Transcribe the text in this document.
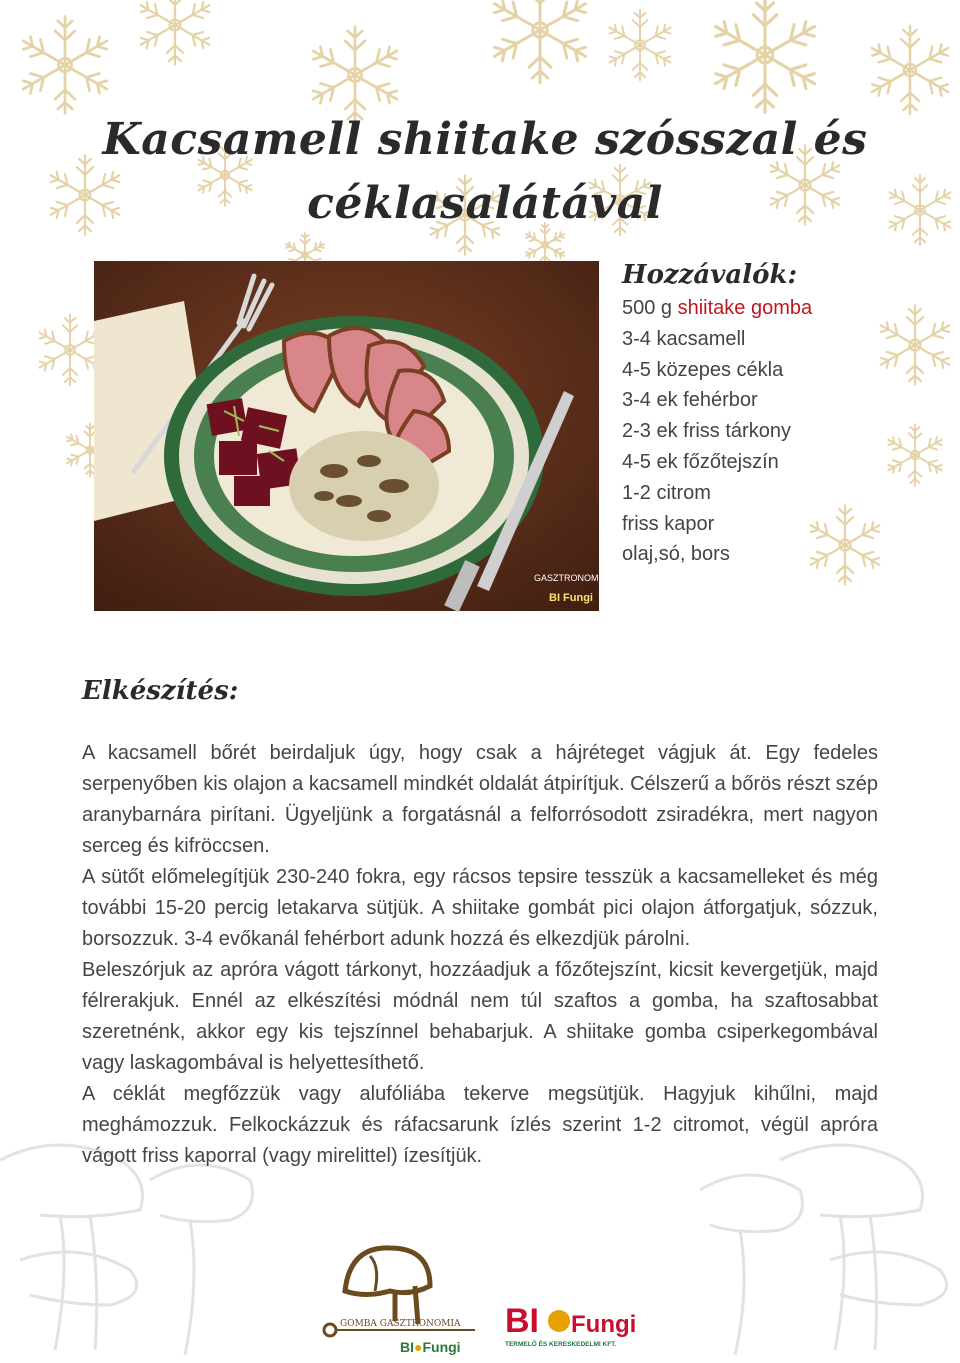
Kacsamell shiitake szósszal és
céklasalátával
GASZTRONOMIA
BI Fungi
Hozzávalók:
500 g shiitake gomba
3-4 kacsamell
4-5 közepes cékla
3-4 ek fehérbor
2-3 ek friss tárkony
4-5 ek főzőtejszín
1-2 citrom
friss kapor
olaj,só, bors
Elkészítés:

A kacsamell bőrét beirdaljuk úgy, hogy csak a hájréteget vágjuk át. Egy fedeles serpenyőben kis olajon a kacsamell mindkét oldalát átpirítjuk. Célszerű a bőrös részt szép aranybarnára pirítani. Ügyeljünk a forgatásnál a felforrósodott zsiradékra, mert nagyon serceg és kifröccsen.

A sütőt előmelegítjük 230-240 fokra, egy rácsos tepsire tesszük a kacsamelleket és még további 15-20 percig letakarva sütjük. A shiitake gombát pici olajon átforgatjuk, sózzuk, borsozzuk. 3-4 evőkanál fehérbort adunk hozzá és elkezdjük párolni.

Beleszórjuk az apróra vágott tárkonyt, hozzáadjuk a főzőtejszínt, kicsit kevergetjük, majd félrerakjuk. Ennél az elkészítési módnál nem túl szaftos a gomba, ha szaftosabbat szeretnénk, akkor egy kis tejszínnel behabarjuk. A shiitake gomba csiperkegombával vagy laskagombával is helyettesíthető.

A céklát megfőzzük vagy alufóliába tekerve megsütjük. Hagyjuk kihűlni, majd meghámozzuk. Felkockázzuk és ráfacsarunk ízlés szerint 1-2 citromot, végül apróra vágott friss kaporral (vagy mirelittel) ízesítjük.

GOMBA GASZTRONOMIA
BI●Fungi
BI Fungi
TERMELŐ ÉS KERESKEDELMI KFT.
